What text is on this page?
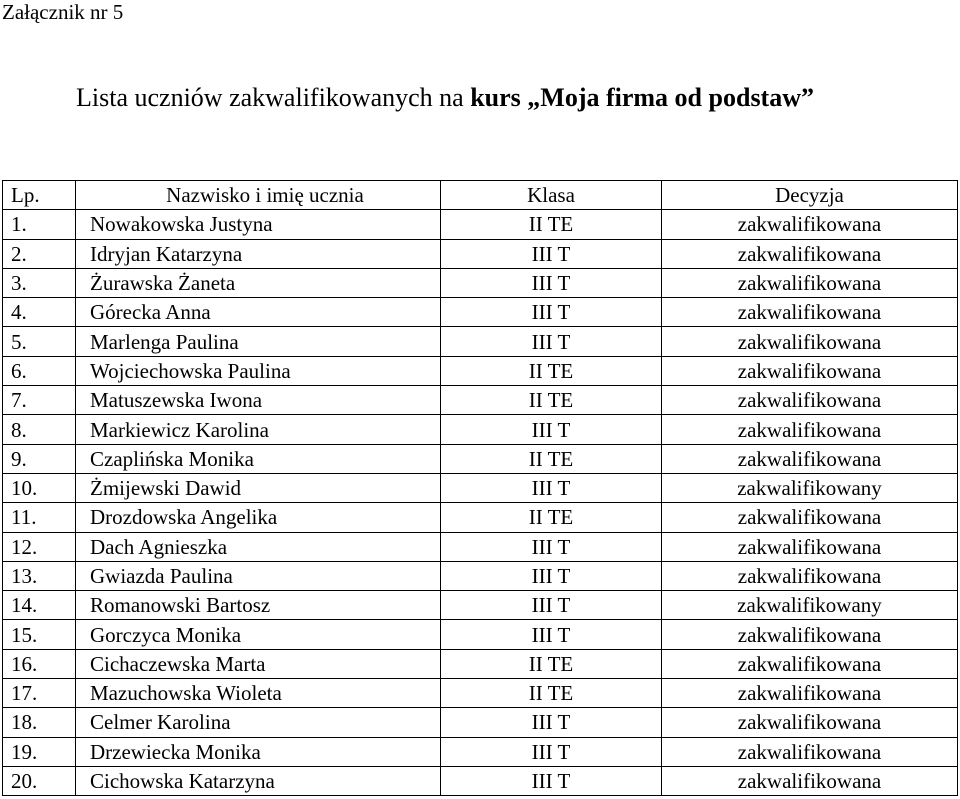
Załącznik nr 5
Lista uczniów zakwalifikowanych na kurs „Moja firma od podstaw”
Lp.	Nazwisko i imię ucznia	Klasa	Decyzja
1.	Nowakowska Justyna	II TE	zakwalifikowana
2.	Idryjan Katarzyna	III T	zakwalifikowana
3.	Żurawska Żaneta	III T	zakwalifikowana
4.	Górecka Anna	III T	zakwalifikowana
5.	Marlenga Paulina	III T	zakwalifikowana
6.	Wojciechowska Paulina	II TE	zakwalifikowana
7.	Matuszewska Iwona	II TE	zakwalifikowana
8.	Markiewicz Karolina	III T	zakwalifikowana
9.	Czaplińska Monika	II TE	zakwalifikowana
10.	Żmijewski Dawid	III T	zakwalifikowany
11.	Drozdowska Angelika	II TE	zakwalifikowana
12.	Dach Agnieszka	III T	zakwalifikowana
13.	Gwiazda Paulina	III T	zakwalifikowana
14.	Romanowski Bartosz	III T	zakwalifikowany
15.	Gorczyca Monika	III T	zakwalifikowana
16.	Cichaczewska Marta	II TE	zakwalifikowana
17.	Mazuchowska Wioleta	II TE	zakwalifikowana
18.	Celmer Karolina	III T	zakwalifikowana
19.	Drzewiecka Monika	III T	zakwalifikowana
20.	Cichowska Katarzyna	III T	zakwalifikowana
